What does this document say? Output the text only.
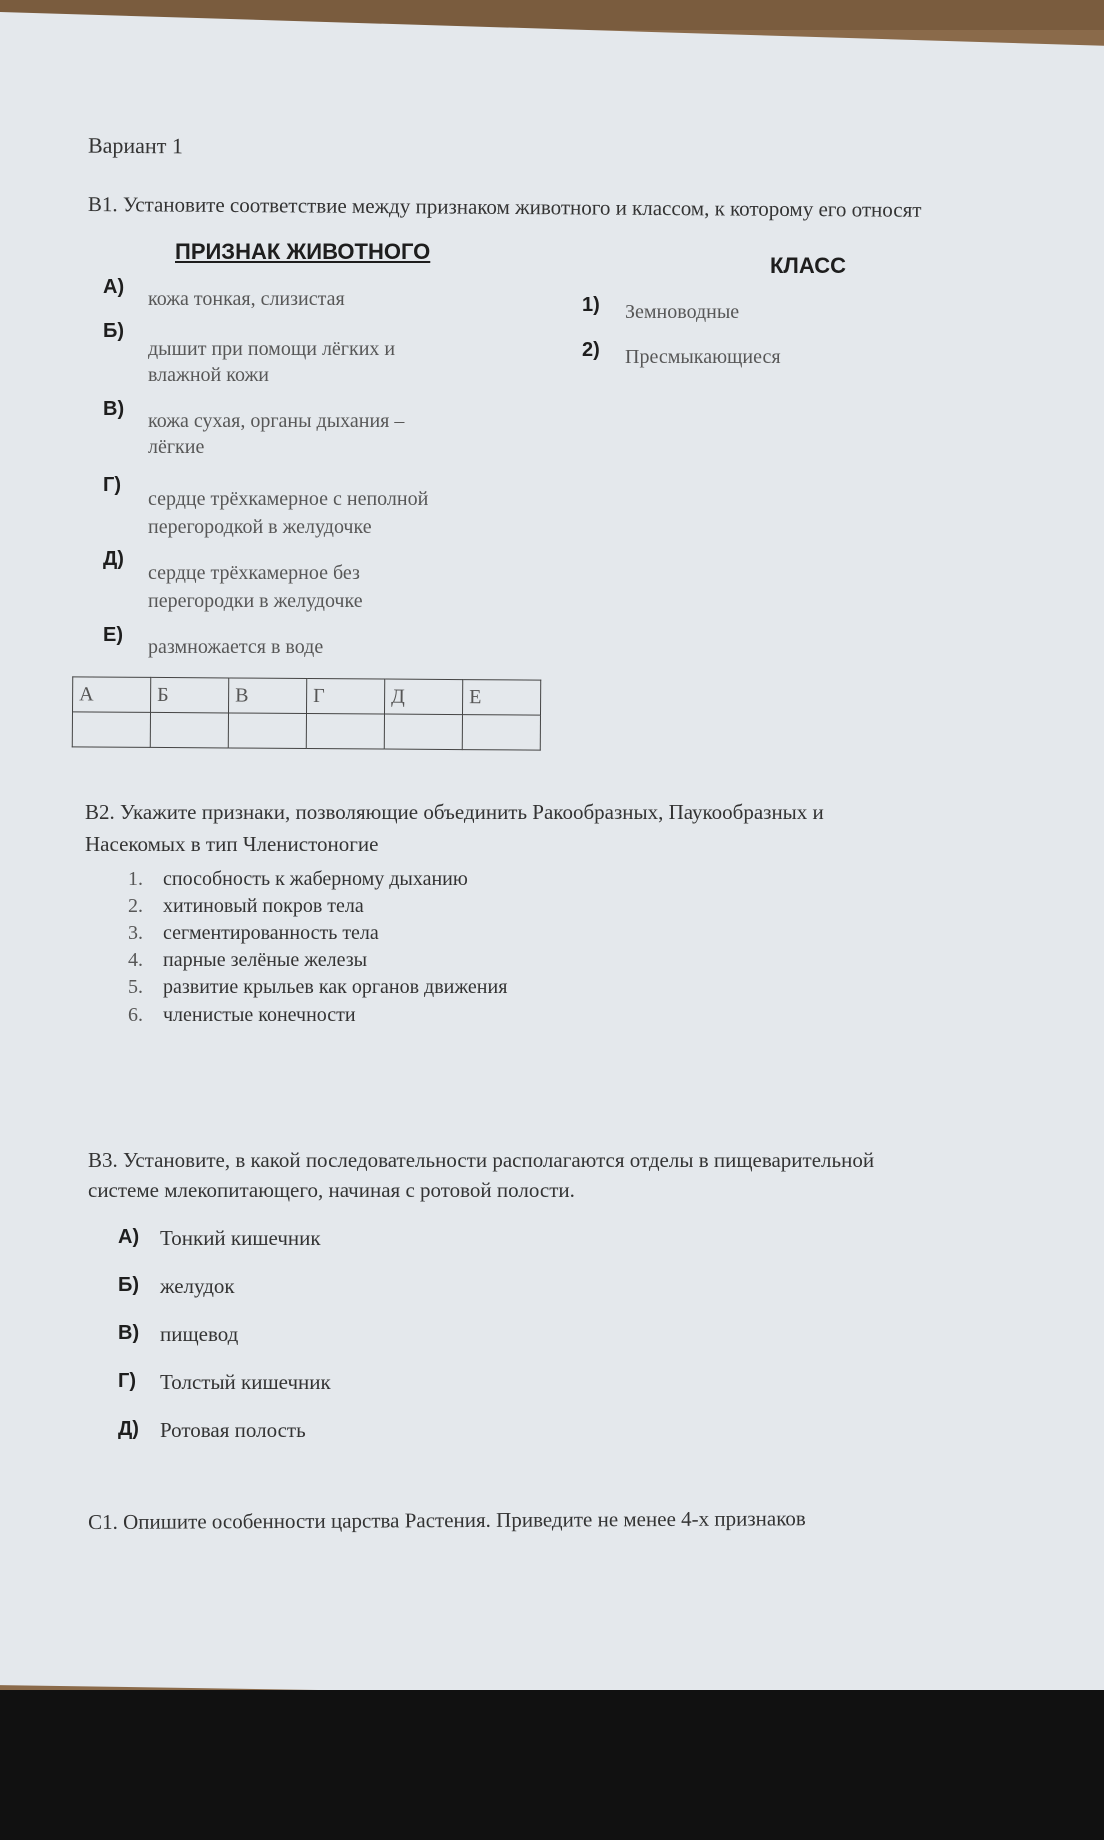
Вариант 1
В1. Установите соответствие между признаком животного и классом, к которому его относят
ПРИЗНАК ЖИВОТНОГО
КЛАСС
А)
кожа тонкая, слизистая
Б)
дышит при помощи лёгких и
влажной кожи
В)
кожа сухая, органы дыхания –
лёгкие
Г)
сердце трёхкамерное с неполной
перегородкой в желудочке
Д)
сердце трёхкамерное без
перегородки в желудочке
Е)
размножается в воде
1) Земноводные
2) Пресмыкающиеся
А	Б	В	Г	Д	Е

В2. Укажите признаки, позволяющие объединить Ракообразных, Паукообразных и
Насекомых в тип Членистоногие
1. способность к жаберному дыханию
2. хитиновый покров тела
3. сегментированность тела
4. парные зелёные железы
5. развитие крыльев как органов движения
6. членистые конечности
В3. Установите, в какой последовательности располагаются отделы в пищеварительной
системе млекопитающего, начиная с ротовой полости.
А) Тонкий кишечник
Б) желудок
В) пищевод
Г) Толстый кишечник
Д) Ротовая полость
С1. Опишите особенности царства Растения. Приведите не менее 4-х признаков
